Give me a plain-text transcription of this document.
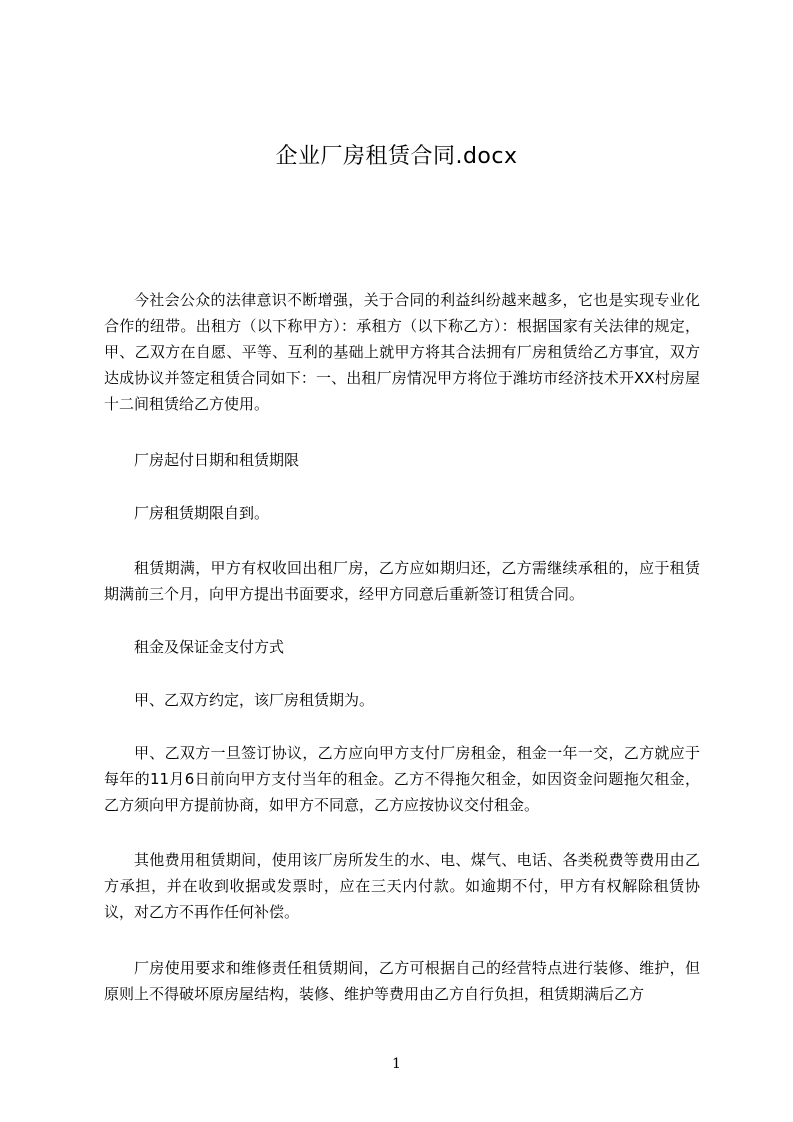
企业厂房租赁合同.docx

今社会公众的法律意识不断增强，关于合同的利益纠纷越来越多，它也是实现专业化合作的纽带。出租方（以下称甲方）：承租方（以下称乙方）：根据国家有关法律的规定，甲、乙双方在自愿、平等、互利的基础上就甲方将其合法拥有厂房租赁给乙方事宜，双方达成协议并签定租赁合同如下：一、出租厂房情况甲方将位于潍坊市经济技术开XX村房屋十二间租赁给乙方使用。

厂房起付日期和租赁期限

厂房租赁期限自到。

租赁期满，甲方有权收回出租厂房，乙方应如期归还，乙方需继续承租的，应于租赁期满前三个月，向甲方提出书面要求，经甲方同意后重新签订租赁合同。

租金及保证金支付方式

甲、乙双方约定，该厂房租赁期为。

甲、乙双方一旦签订协议，乙方应向甲方支付厂房租金，租金一年一交，乙方就应于每年的11月6日前向甲方支付当年的租金。乙方不得拖欠租金，如因资金问题拖欠租金，乙方须向甲方提前协商，如甲方不同意，乙方应按协议交付租金。

其他费用租赁期间，使用该厂房所发生的水、电、煤气、电话、各类税费等费用由乙方承担，并在收到收据或发票时，应在三天内付款。如逾期不付，甲方有权解除租赁协议，对乙方不再作任何补偿。

厂房使用要求和维修责任租赁期间，乙方可根据自己的经营特点进行装修、维护，但原则上不得破坏原房屋结构，装修、维护等费用由乙方自行负担，租赁期满后乙方

1
